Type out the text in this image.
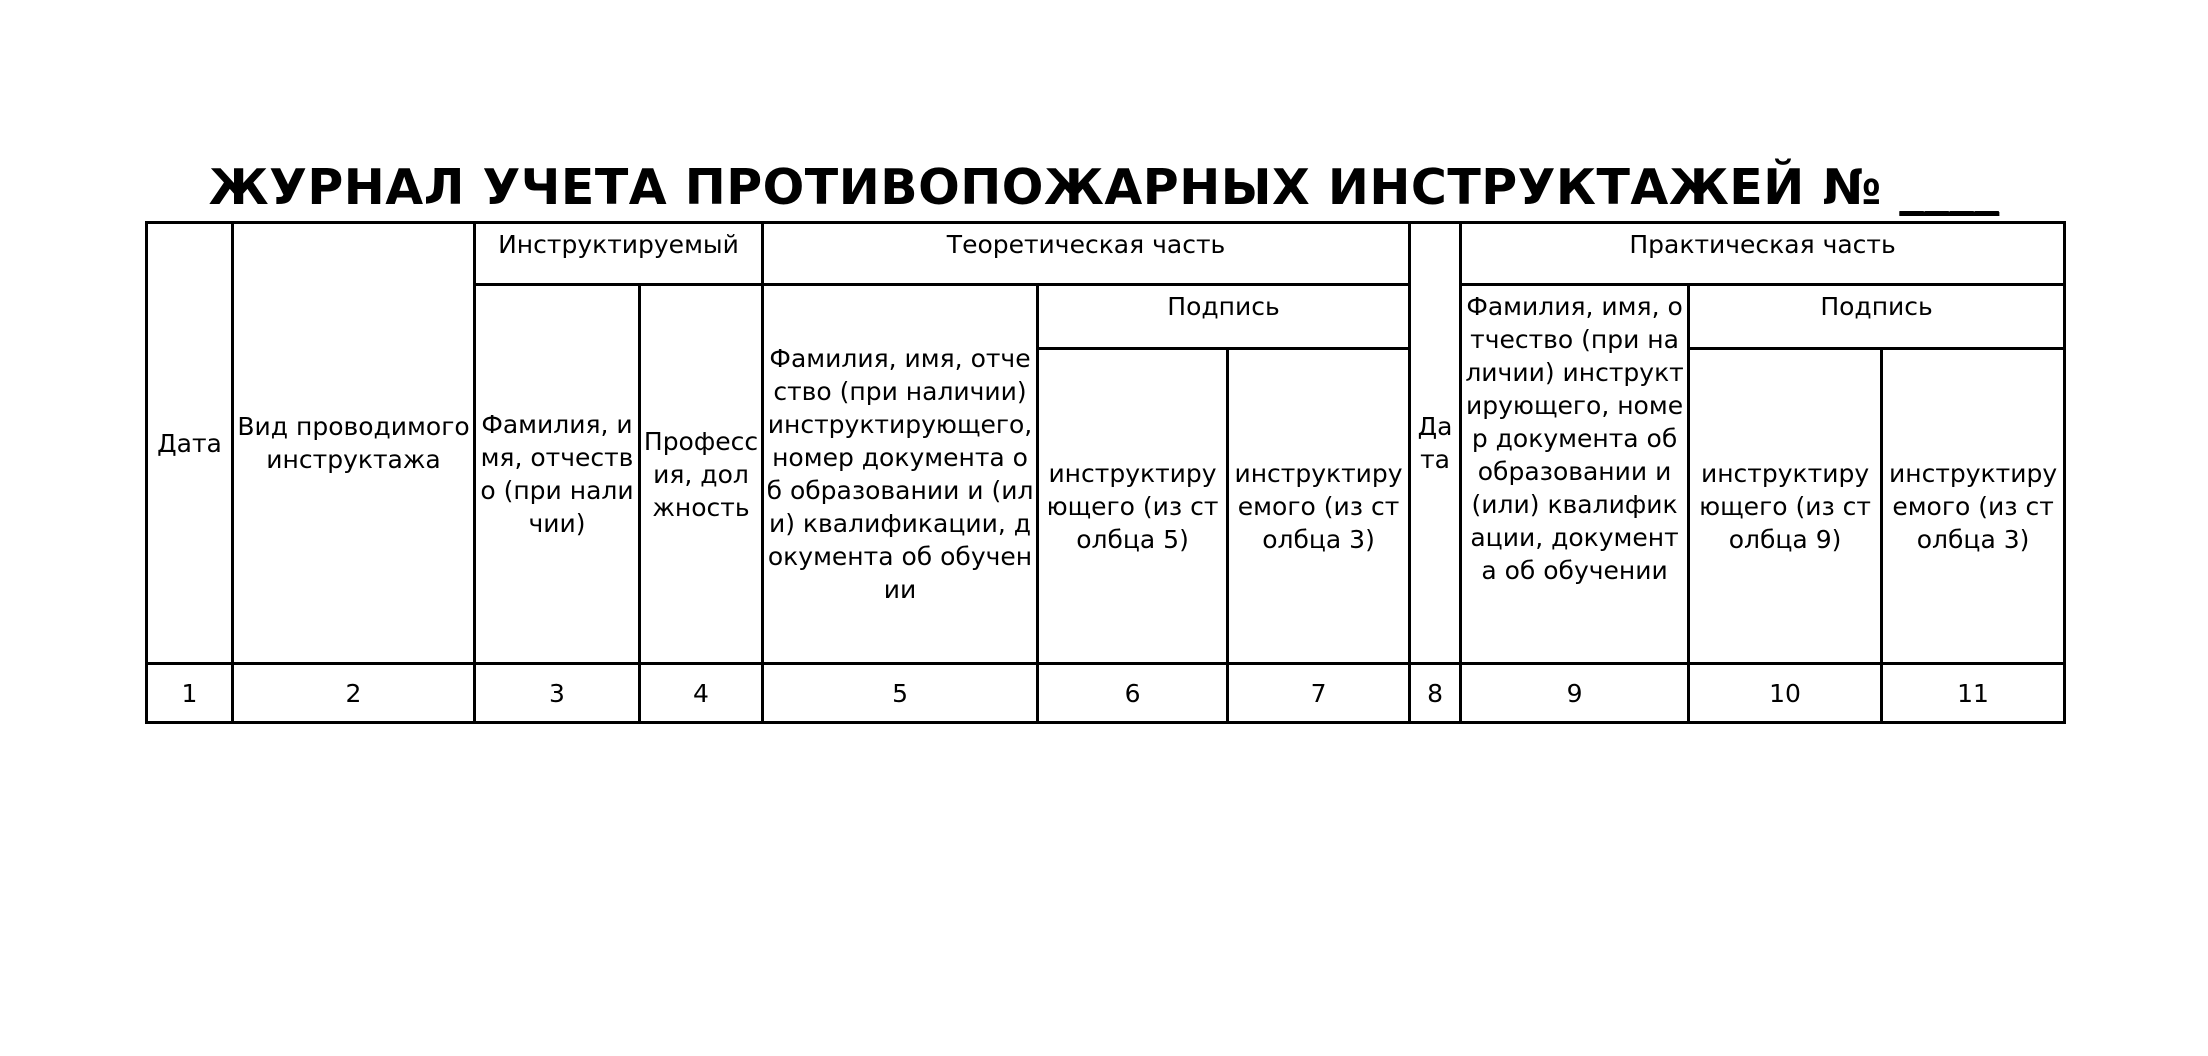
ЖУРНАЛ УЧЕТА ПРОТИВОПОЖАРНЫХ ИНСТРУКТАЖЕЙ № ____
Дата	Вид проводимого инструктажа	Инструктируемый		Теоретическая часть			Дата	Практическая часть		
		Фамилия, имя, отчество (при наличии)	Профессия, должность	Фамилия, имя, отчество (при наличии) инструктирующего, номер документа об образовании и (или) квалификации, документа об обучении	Подпись			Фамилия, имя, отчество (при наличии) инструктирующего, номер документа об образовании и (или) квалификации, документа об обучении	Подпись	
					инструктирующего (из столбца 5)	инструктируемого (из столбца 3)			инструктирующего (из столбца 9)	инструктируемого (из столбца 3)
1	2	3	4	5	6	7	8	9	10	11
